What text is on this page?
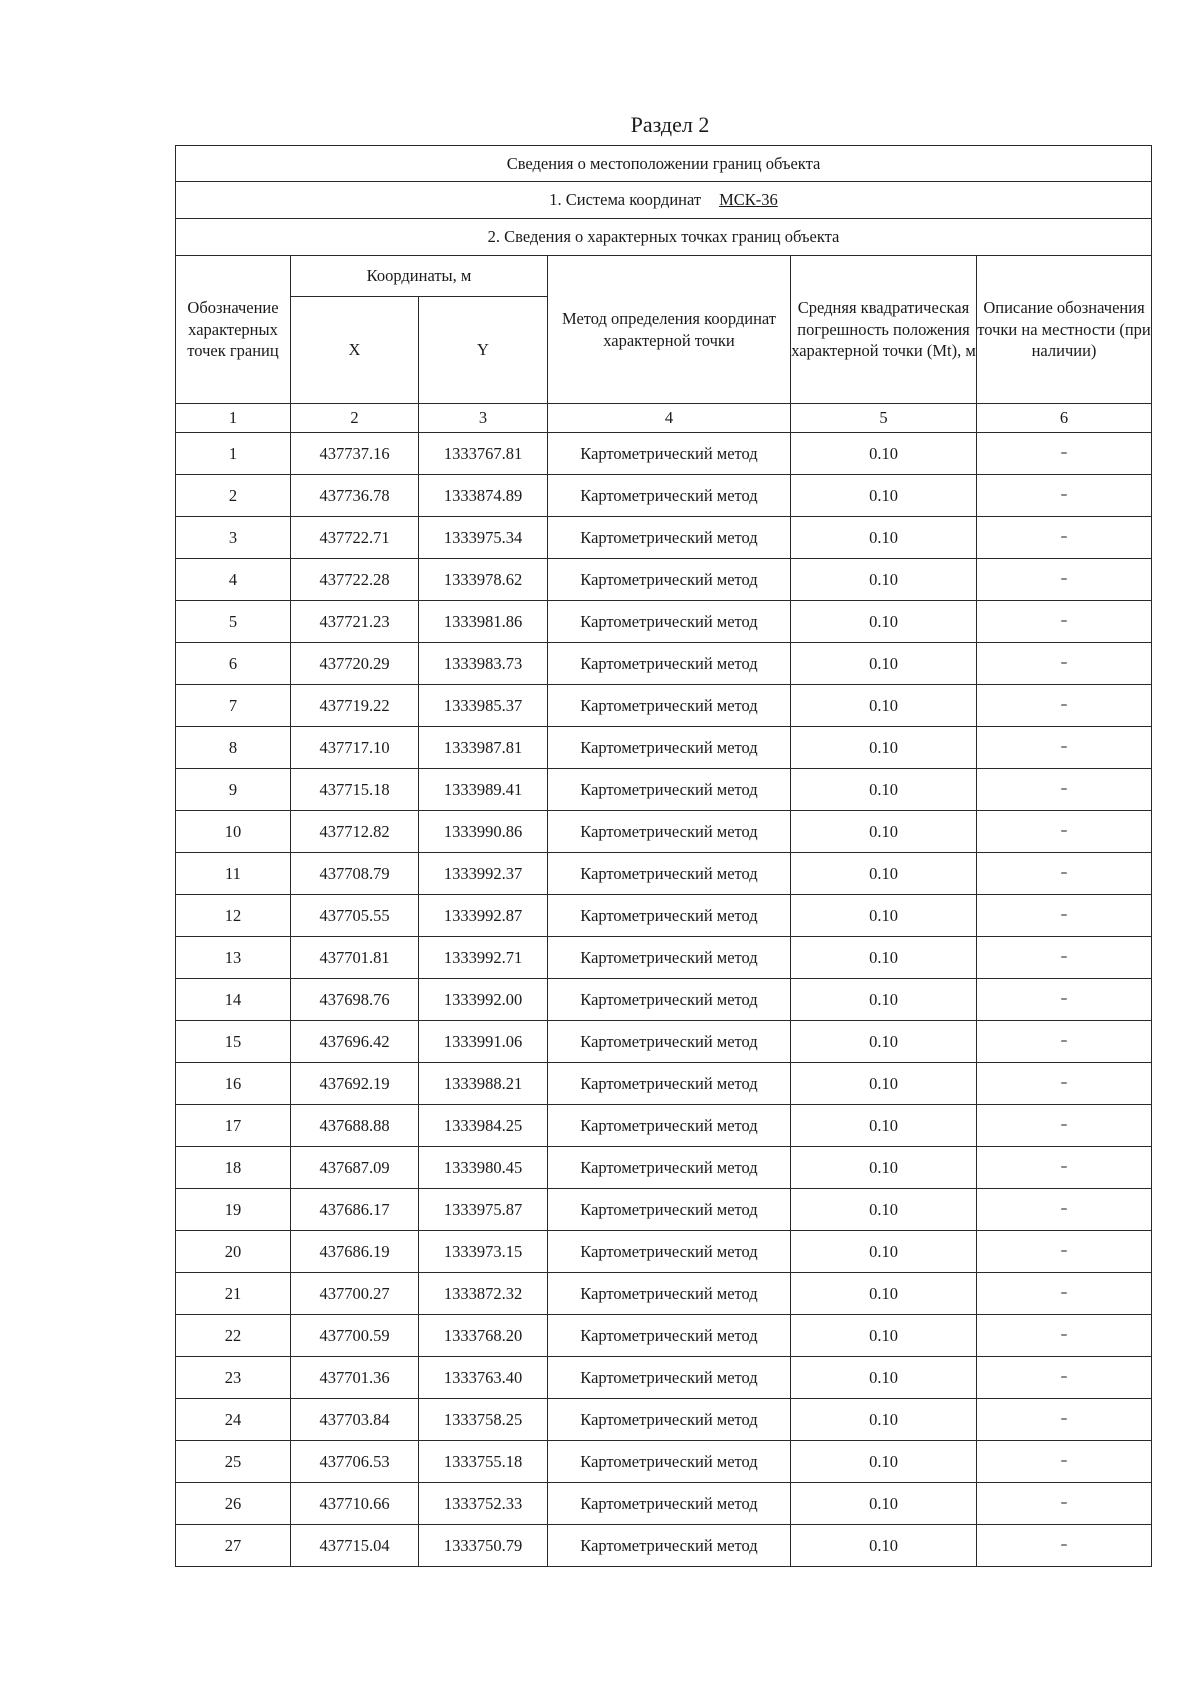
Раздел 2
Сведения о местоположении границ объекта					
1. Система координат МСК-36					
2. Сведения о характерных точках границ объекта					
Обозначение характерных точек границ	Координаты, м		Метод определения координат характерной точки	Средняя квадратическая погрешность положения характерной точки (Mt), м	Описание обозначения точки на местности (при наличии)
	X	Y			
1	2	3	4	5	6
1	437737.16	1333767.81	Картометрический метод	0.10	–
2	437736.78	1333874.89	Картометрический метод	0.10	–
3	437722.71	1333975.34	Картометрический метод	0.10	–
4	437722.28	1333978.62	Картометрический метод	0.10	–
5	437721.23	1333981.86	Картометрический метод	0.10	–
6	437720.29	1333983.73	Картометрический метод	0.10	–
7	437719.22	1333985.37	Картометрический метод	0.10	–
8	437717.10	1333987.81	Картометрический метод	0.10	–
9	437715.18	1333989.41	Картометрический метод	0.10	–
10	437712.82	1333990.86	Картометрический метод	0.10	–
11	437708.79	1333992.37	Картометрический метод	0.10	–
12	437705.55	1333992.87	Картометрический метод	0.10	–
13	437701.81	1333992.71	Картометрический метод	0.10	–
14	437698.76	1333992.00	Картометрический метод	0.10	–
15	437696.42	1333991.06	Картометрический метод	0.10	–
16	437692.19	1333988.21	Картометрический метод	0.10	–
17	437688.88	1333984.25	Картометрический метод	0.10	–
18	437687.09	1333980.45	Картометрический метод	0.10	–
19	437686.17	1333975.87	Картометрический метод	0.10	–
20	437686.19	1333973.15	Картометрический метод	0.10	–
21	437700.27	1333872.32	Картометрический метод	0.10	–
22	437700.59	1333768.20	Картометрический метод	0.10	–
23	437701.36	1333763.40	Картометрический метод	0.10	–
24	437703.84	1333758.25	Картометрический метод	0.10	–
25	437706.53	1333755.18	Картометрический метод	0.10	–
26	437710.66	1333752.33	Картометрический метод	0.10	–
27	437715.04	1333750.79	Картометрический метод	0.10	–
